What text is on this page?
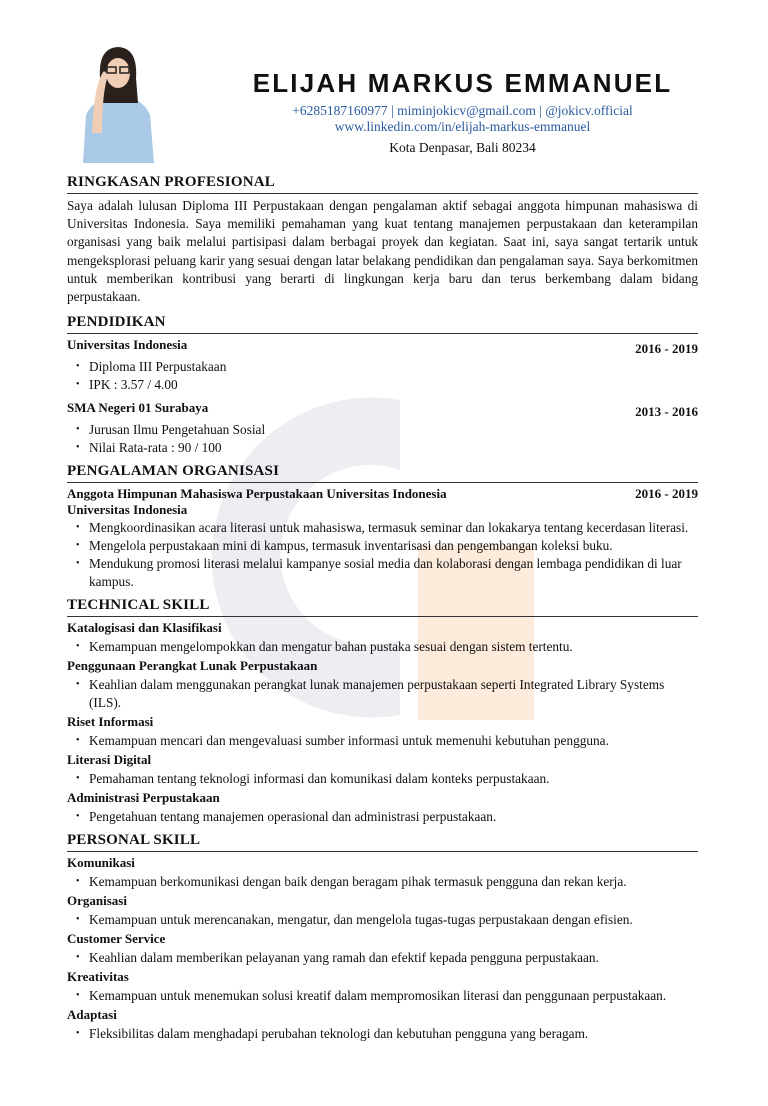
ELIJAH MARKUS EMMANUEL
+6285187160977 | miminjokicv@gmail.com | @jokicv.official
www.linkedin.com/in/elijah-markus-emmanuel
Kota Denpasar, Bali 80234
RINGKASAN PROFESIONAL

Saya adalah lulusan Diploma III Perpustakaan dengan pengalaman aktif sebagai anggota himpunan mahasiswa di Universitas Indonesia. Saya memiliki pemahaman yang kuat tentang manajemen perpustakaan dan keterampilan organisasi yang baik melalui partisipasi dalam berbagai proyek dan kegiatan. Saat ini, saya sangat tertarik untuk mengeksplorasi peluang karir yang sesuai dengan latar belakang pendidikan dan pengalaman saya. Saya berkomitmen untuk memberikan kontribusi yang berarti di lingkungan kerja baru dan terus berkembang dalam bidang perpustakaan.

PENDIDIKAN
Universitas Indonesia	2016 - 2019
• Diploma III Perpustakaan
• IPK : 3.57 / 4.00
SMA Negeri 01 Surabaya	2013 - 2016
• Jurusan Ilmu Pengetahuan Sosial
• Nilai Rata-rata : 90 / 100
PENGALAMAN ORGANISASI
Anggota Himpunan Mahasiswa Perpustakaan Universitas Indonesia	2016 - 2019
Universitas Indonesia
• Mengkoordinasikan acara literasi untuk mahasiswa, termasuk seminar dan lokakarya tentang kecerdasan literasi.
• Mengelola perpustakaan mini di kampus, termasuk inventarisasi dan pengembangan koleksi buku.
• Mendukung promosi literasi melalui kampanye sosial media dan kolaborasi dengan lembaga pendidikan di luar kampus.
TECHNICAL SKILL
Katalogisasi dan Klasifikasi
• Kemampuan mengelompokkan dan mengatur bahan pustaka sesuai dengan sistem tertentu.
Penggunaan Perangkat Lunak Perpustakaan
• Keahlian dalam menggunakan perangkat lunak manajemen perpustakaan seperti Integrated Library Systems (ILS).
Riset Informasi
• Kemampuan mencari dan mengevaluasi sumber informasi untuk memenuhi kebutuhan pengguna.
Literasi Digital
• Pemahaman tentang teknologi informasi dan komunikasi dalam konteks perpustakaan.
Administrasi Perpustakaan
• Pengetahuan tentang manajemen operasional dan administrasi perpustakaan.
PERSONAL SKILL
Komunikasi
• Kemampuan berkomunikasi dengan baik dengan beragam pihak termasuk pengguna dan rekan kerja.
Organisasi
• Kemampuan untuk merencanakan, mengatur, dan mengelola tugas-tugas perpustakaan dengan efisien.
Customer Service
• Keahlian dalam memberikan pelayanan yang ramah dan efektif kepada pengguna perpustakaan.
Kreativitas
• Kemampuan untuk menemukan solusi kreatif dalam mempromosikan literasi dan penggunaan perpustakaan.
Adaptasi
• Fleksibilitas dalam menghadapi perubahan teknologi dan kebutuhan pengguna yang beragam.
